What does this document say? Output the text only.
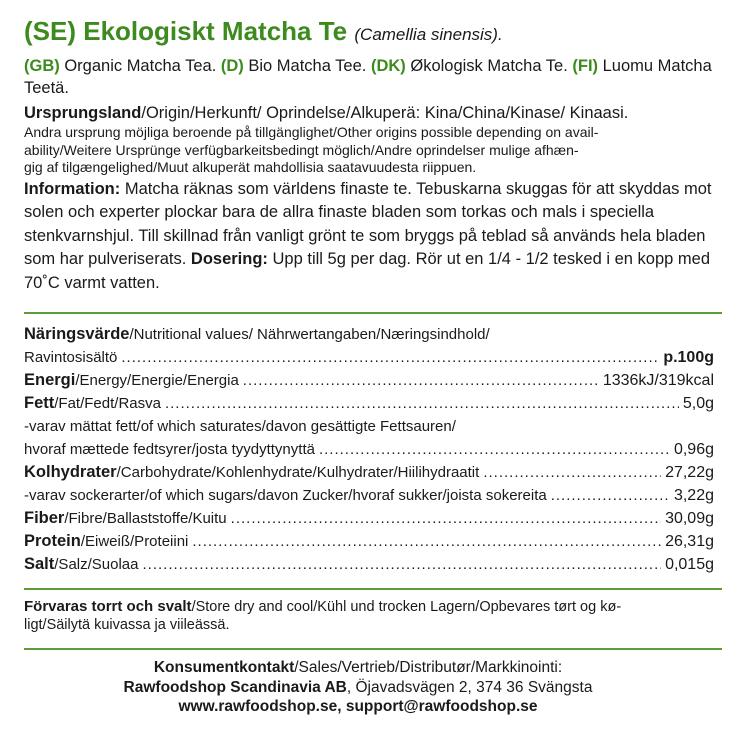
(SE) Ekologiskt Matcha Te (Camellia sinensis).
(GB) Organic Matcha Tea. (D) Bio Matcha Tee. (DK) Økologisk Matcha Te. (FI) Luomu Matcha Teetä.
Ursprungsland/Origin/Herkunft/ Oprindelse/Alkuperä: Kina/China/Kinase/ Kinaasi.
Andra ursprung möjliga beroende på tillgänglighet/Other origins possible depending on avail-
ability/Weitere Ursprünge verfügbarkeitsbedingt möglich/Andre oprindelser mulige afhæn-
gig af tilgængelighed/Muut alkuperät mahdollisia saatavuudesta riippuen.
Information: Matcha räknas som världens finaste te. Tebuskarna skuggas för att skyddas mot solen och experter plockar bara de allra finaste bladen som torkas och mals i speciella stenkvarnshjul. Till skillnad från vanligt grönt te som bryggs på teblad så används hela bladen som har pulveriserats. Dosering: Upp till 5g per dag. Rör ut en 1/4 - 1/2 tesked i en kopp med 70˚C varmt vatten.
Näringsvärde/Nutritional values/ Nährwertangaben/Næringsindhold/
Ravintosisältö .....	p.100g
Energi/Energy/Energie/Energia .....	1336kJ/319kcal
Fett/Fat/Fedt/Rasva .....	5,0g
-varav mättat fett/of which saturates/davon gesättigte Fettsauren/
hvoraf mættede fedtsyrer/josta tyydyttynyttä .....	0,96g
Kolhydrater/Carbohydrate/Kohlenhydrate/Kulhydrater/Hiilihydraatit .....	27,22g
-varav sockerarter/of which sugars/davon Zucker/hvoraf sukker/joista sokereita .....	3,22g
Fiber/Fibre/Ballaststoffe/Kuitu .....	30,09g
Protein/Eiweiß/Proteiini .....	26,31g
Salt/Salz/Suolaa .....	0,015g
Förvaras torrt och svalt/Store dry and cool/Kühl und trocken Lagern/Opbevares tørt og kø-
ligt/Säilytä kuivassa ja viileässä.
Konsumentkontakt/Sales/Vertrieb/Distributør/Markkinointi:
Rawfoodshop Scandinavia AB, Öjavadsvägen 2, 374 36 Svängsta
www.rawfoodshop.se, support@rawfoodshop.se
